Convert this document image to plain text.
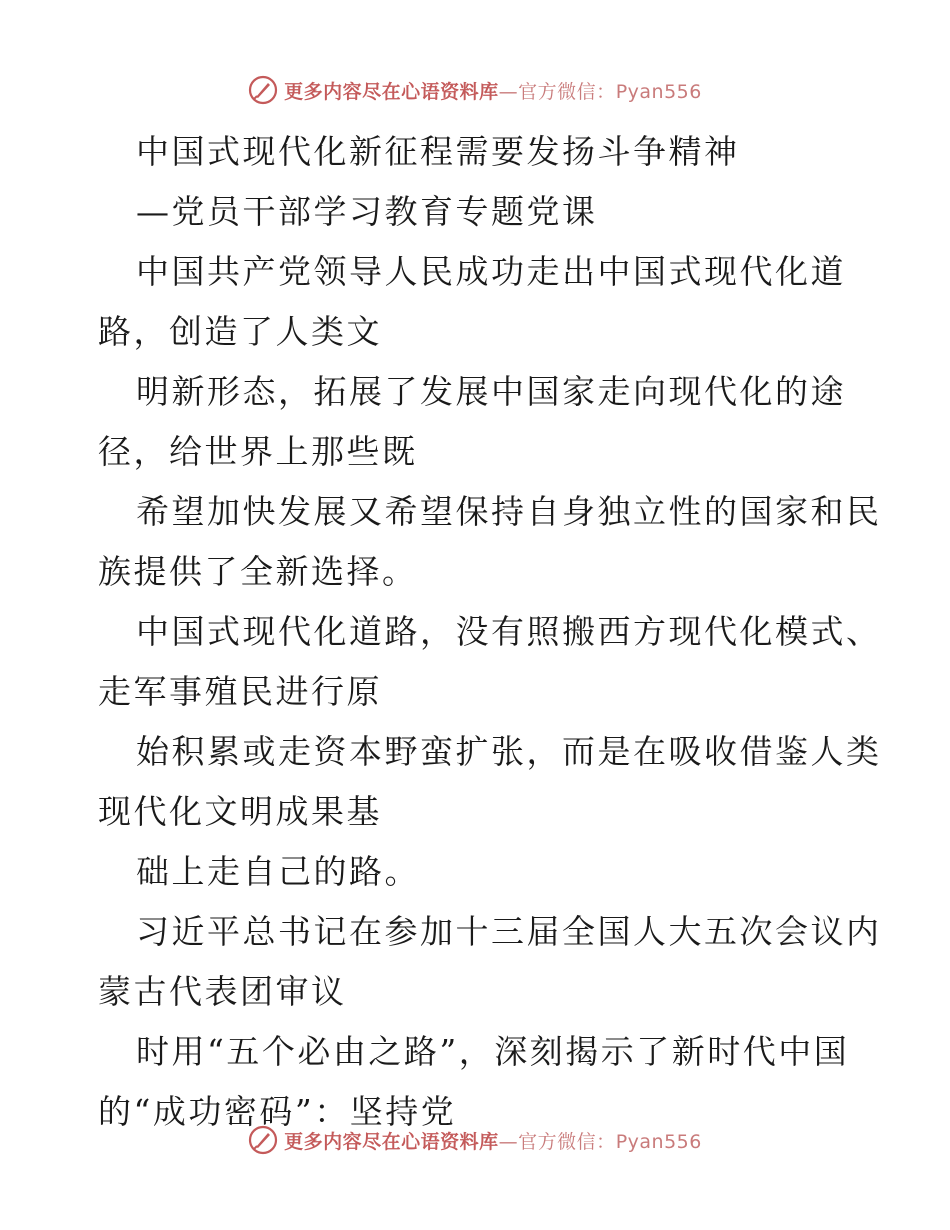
更多内容尽在心语资料库—官方微信：Pyan556
中国式现代化新征程需要发扬斗争精神
—党员干部学习教育专题党课
中国共产党领导人民成功走出中国式现代化道
路，创造了人类文
明新形态，拓展了发展中国家走向现代化的途
径，给世界上那些既
希望加快发展又希望保持自身独立性的国家和民
族提供了全新选择。
中国式现代化道路，没有照搬西方现代化模式、
走军事殖民进行原
始积累或走资本野蛮扩张，而是在吸收借鉴人类
现代化文明成果基
础上走自己的路。
习近平总书记在参加十三届全国人大五次会议内
蒙古代表团审议
时用“五个必由之路”，深刻揭示了新时代中国
的“成功密码”：坚持党
更多内容尽在心语资料库—官方微信：Pyan556
